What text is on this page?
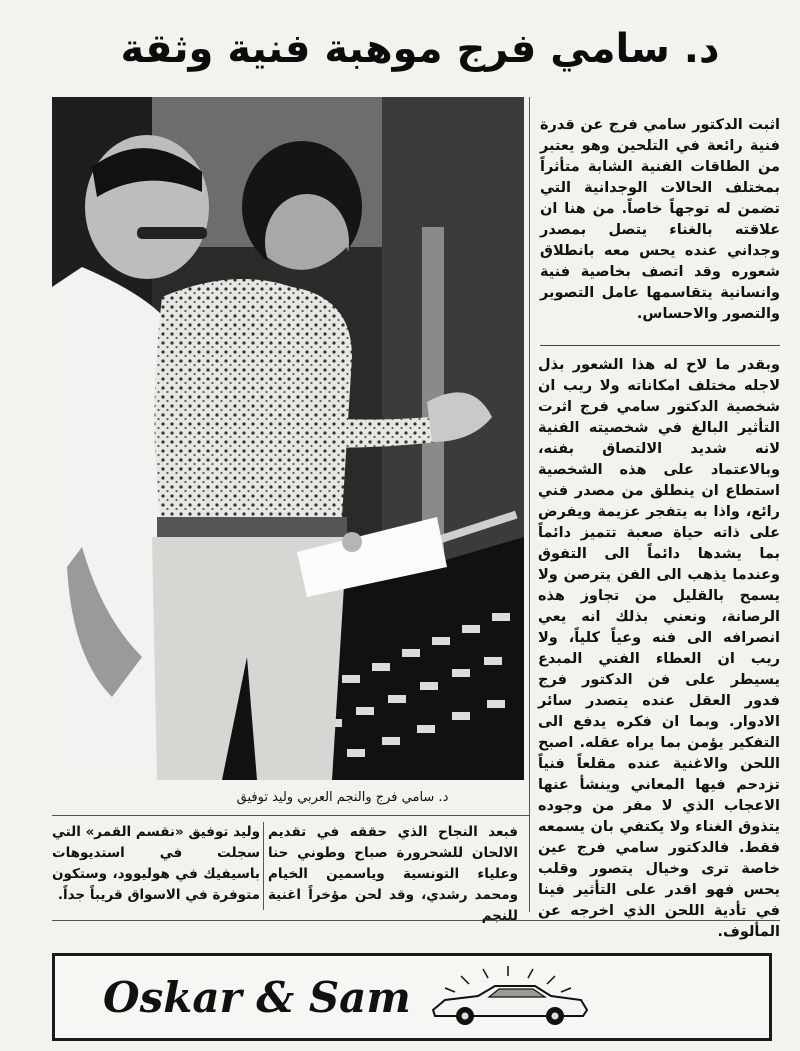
د. سامي فرج موهبة فنية وثقة
د. سامي فرج والنجم العربي وليد توفيق

اثبت الدكتور سامي فرج عن قدرة فنية رائعة في التلحين وهو يعتبر من الطاقات الفنية الشابة متأثراً بمختلف الحالات الوجدانية التي تضمن له توجهاً خاصاً. من هنا ان علاقته بالغناء يتصل بمصدر وجداني عنده يحس معه بانطلاق شعوره وقد اتصف بخاصية فنية وانسانية يتقاسمها عامل التصوير والتصور والاحساس.

وبقدر ما لاح له هذا الشعور بذل لاجله مختلف امكاناته ولا ريب ان شخصية الدكتور سامي فرج اثرت التأثير البالغ في شخصيته الفنية لانه شديد الالتصاق بفنه، وبالاعتماد على هذه الشخصية استطاع ان ينطلق من مصدر فني رائع، واذا به يتفجر عزيمة ويفرض على ذاته حياة صعبة تتميز دائماً بما يشدها دائماً الى التفوق وعندما يذهب الى الفن يترصن ولا يسمح بالقليل من تجاوز هذه الرصانة، ونعني بذلك انه يعي انصرافه الى فنه وعياً كلياً، ولا ريب ان العطاء الفني المبدع يسيطر على فن الدكتور فرج فدور العقل عنده يتصدر سائر الادوار. وبما ان فكره يدفع الى التفكير يؤمن بما يراه عقله. اصبح اللحن والاغنية عنده مقلعاً فنياً تزدحم فيها المعاني وينشأ عنها الاعجاب الذي لا مفر من وجوده يتذوق الغناء ولا يكتفي بان يسمعه فقط. فالدكتور سامي فرج عين خاصة ترى وخيال يتصور وقلب يحس فهو اقدر على التأثير فينا في تأدية اللحن الذي اخرجه عن المألوف.

فبعد النجاح الذي حققه في تقديم الالحان للشحرورة صباح وطوني حنا وعلياء التونسية وياسمين الخيام ومحمد رشدي، وقد لحن مؤخراً اغنية للنجم

وليد توفيق «نقسم القمر» التي سجلت في استديوهات باسيفيك في هوليوود، وستكون متوفرة في الاسواق قريباً جداً.

Oskar & Sam
